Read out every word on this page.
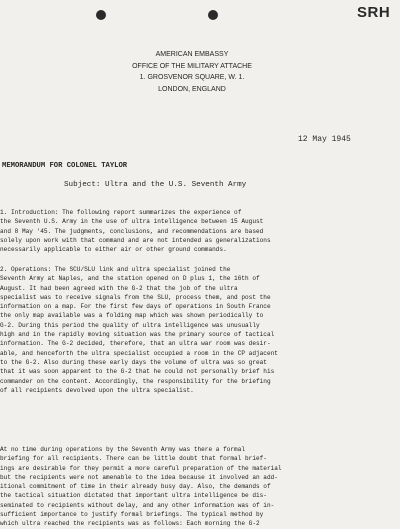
SRH
AMERICAN EMBASSY
OFFICE OF THE MILITARY ATTACHE
1. GROSVENOR SQUARE, W. 1.
LONDON, ENGLAND
12 May 1945
MEMORANDUM FOR COLONEL TAYLOR
Subject: Ultra and the U.S. Seventh Army
1. Introduction: The following report summarizes the experience of
the Seventh U.S. Army in the use of ultra intelligence between 15 August
and 8 May '45. The judgments, conclusions, and recommendations are based
solely upon work with that command and are not intended as generalizations
necessarily applicable to either air or other ground commands.
2. Operations: The SCU/SLU link and ultra specialist joined the
Seventh Army at Naples, and the station opened on D plus 1, the 16th of
August. It had been agreed with the G-2 that the job of the ultra
specialist was to receive signals from the SLU, process them, and post the
information on a map. For the first few days of operations in South France
the only map available was a folding map which was shown periodically to
G-2. During this period the quality of ultra intelligence was unusually
high and in the rapidly moving situation was the primary source of tactical
information. The G-2 decided, therefore, that an ultra war room was desir-
able, and henceforth the ultra specialist occupied a room in the CP adjacent
to the G-2. Also during these early days the volume of ultra was so great
that it was soon apparent to the G-2 that he could not personally brief his
commander on the content. Accordingly, the responsibility for the briefing
of all recipients devolved upon the ultra specialist.
At no time during operations by the Seventh Army was there a formal
briefing for all recipients. There can be little doubt that formal brief-
ings are desirable for they permit a more careful preparation of the material
but the recipients were not amenable to the idea because it involved an add-
itional commitment of time in their already busy day. Also, the demands of
the tactical situation dictated that important ultra intelligence be dis-
seminated to recipients without delay, and any other information was of in-
sufficient importance to justify formal briefings. The typical method by
which ultra reached the recipients was as follows: Each morning the G-2
